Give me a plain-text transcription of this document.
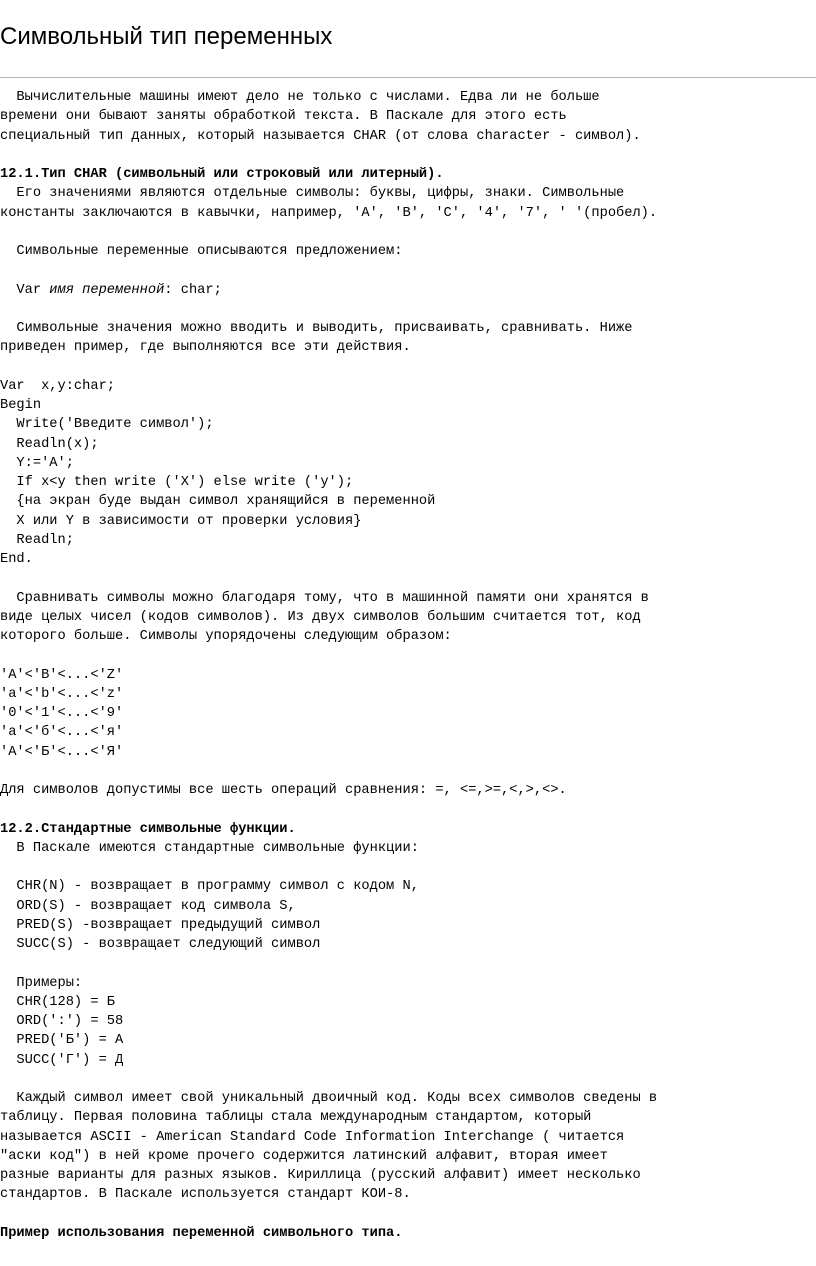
Символьный тип переменных
Вычислительные машины имеют дело не только с числами. Едва ли не больше
времени они бывают заняты обработкой текста. В Паскале для этого есть
специальный тип данных, который называется CHAR (от слова character - символ).
12.1.Тип CHAR (символьный или строковый или литерный).
Его значениями являются отдельные символы: буквы, цифры, знаки. Символьные
константы заключаются в кавычки, например, 'A', 'B', 'C', '4', '7', ' '(пробел).
Символьные переменные описываются предложением:
Var имя переменной: char;
Символьные значения можно вводить и выводить, присваивать, сравнивать. Ниже
приведен пример, где выполняются все эти действия.
Var  x,y:char;
Begin
Write('Введите символ');
Readln(x);
Y:='A';
If x<y then write ('X') else write ('y');
{на экран буде выдан символ хранящийся в переменной
X или Y в зависимости от проверки условия}
Readln;
End.
Сравнивать символы можно благодаря тому, что в машинной памяти они хранятся в
виде целых чисел (кодов символов). Из двух символов большим считается тот, код
которого больше. Символы упорядочены следующим образом:
'A'<'B'<...<'Z'
'a'<'b'<...<'z'
'0'<'1'<...<'9'
'а'<'б'<...<'я'
'А'<'Б'<...<'Я'
Для символов допустимы все шесть операций сравнения: =, <=,>=,<,>,<>.
12.2.Стандартные символьные функции.
В Паскале имеются стандартные символьные функции:
CHR(N) - возвращает в программу символ с кодом N,
ORD(S) - возвращает код символа S,
PRED(S) -возвращает предыдущий символ
SUCC(S) - возвращает следующий символ
Примеры:
CHR(128) = Б
ORD(':') = 58
PRED('Б') = А
SUCC('Г') = Д
Каждый символ имеет свой уникальный двоичный код. Коды всех символов сведены в
таблицу. Первая половина таблицы стала международным стандартом, который
называется ASCII - American Standard Code Information Interchange ( читается
"аски код") в ней кроме прочего содержится латинский алфавит, вторая имеет
разные варианты для разных языков. Кириллица (русский алфавит) имеет несколько
стандартов. В Паскале используется стандарт КОИ-8.
Пример использования переменной символьного типа.
